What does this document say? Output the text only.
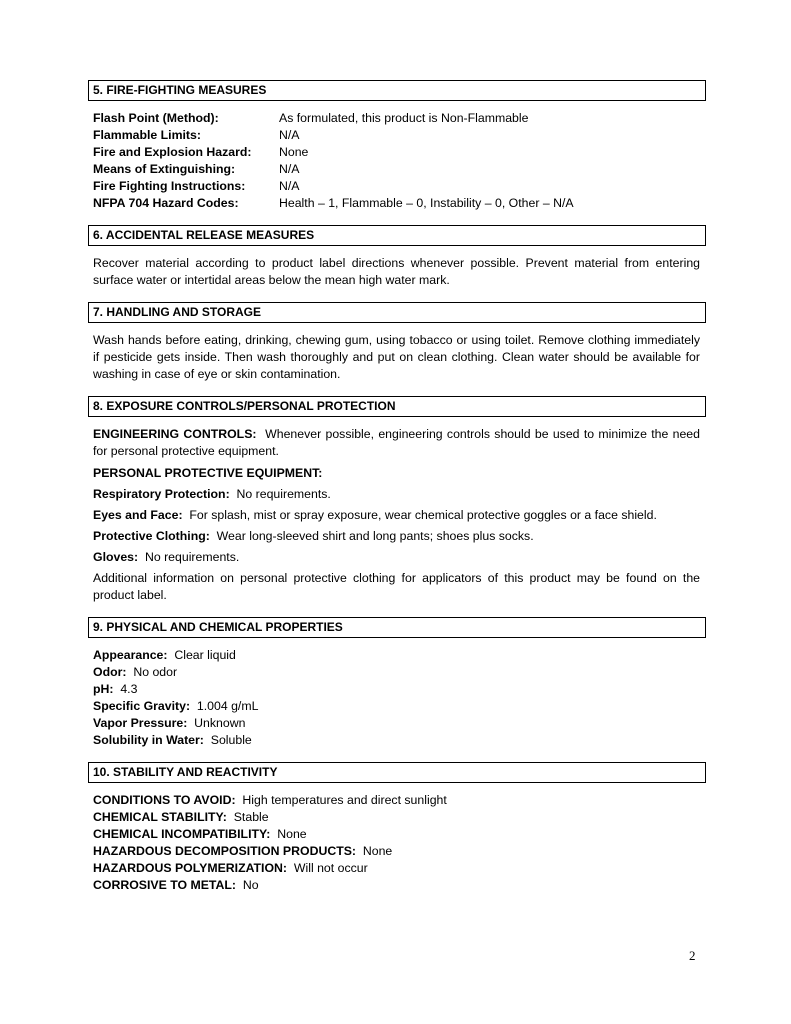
5. FIRE-FIGHTING MEASURES
Flash Point (Method):	As formulated, this product is Non-Flammable
Flammable Limits:	N/A
Fire and Explosion Hazard:	None
Means of Extinguishing:	N/A
Fire Fighting Instructions:	N/A
NFPA 704 Hazard Codes:	Health – 1, Flammable – 0, Instability – 0, Other – N/A
6. ACCIDENTAL RELEASE MEASURES

Recover material according to product label directions whenever possible. Prevent material from entering surface water or intertidal areas below the mean high water mark.

7. HANDLING AND STORAGE

Wash hands before eating, drinking, chewing gum, using tobacco or using toilet. Remove clothing immediately if pesticide gets inside. Then wash thoroughly and put on clean clothing. Clean water should be available for washing in case of eye or skin contamination.

8. EXPOSURE CONTROLS/PERSONAL PROTECTION

ENGINEERING CONTROLS: Whenever possible, engineering controls should be used to minimize the need for personal protective equipment.

PERSONAL PROTECTIVE EQUIPMENT:

Respiratory Protection: No requirements.

Eyes and Face: For splash, mist or spray exposure, wear chemical protective goggles or a face shield.

Protective Clothing: Wear long-sleeved shirt and long pants; shoes plus socks.

Gloves: No requirements.

Additional information on personal protective clothing for applicators of this product may be found on the product label.

9. PHYSICAL AND CHEMICAL PROPERTIES
Appearance: Clear liquid
Odor: No odor
pH: 4.3
Specific Gravity: 1.004 g/mL
Vapor Pressure: Unknown
Solubility in Water: Soluble
10. STABILITY AND REACTIVITY
CONDITIONS TO AVOID: High temperatures and direct sunlight
CHEMICAL STABILITY: Stable
CHEMICAL INCOMPATIBILITY: None
HAZARDOUS DECOMPOSITION PRODUCTS: None
HAZARDOUS POLYMERIZATION: Will not occur
CORROSIVE TO METAL: No
2
